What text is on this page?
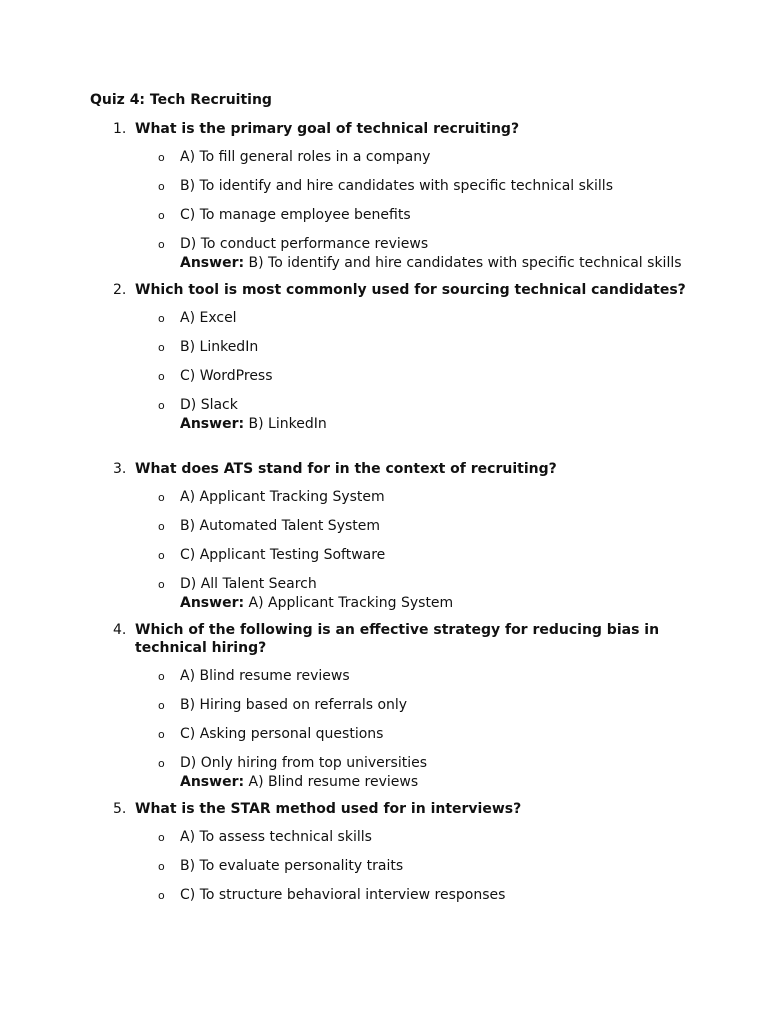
Quiz 4: Tech Recruiting
1. What is the primary goal of technical recruiting?
o A) To fill general roles in a company
o B) To identify and hire candidates with specific technical skills
o C) To manage employee benefits
o D) To conduct performance reviews
Answer: B) To identify and hire candidates with specific technical skills
2. Which tool is most commonly used for sourcing technical candidates?
o A) Excel
o B) LinkedIn
o C) WordPress
o D) Slack
Answer: B) LinkedIn
3. What does ATS stand for in the context of recruiting?
o A) Applicant Tracking System
o B) Automated Talent System
o C) Applicant Testing Software
o D) All Talent Search
Answer: A) Applicant Tracking System
4. Which of the following is an effective strategy for reducing bias in technical hiring?
o A) Blind resume reviews
o B) Hiring based on referrals only
o C) Asking personal questions
o D) Only hiring from top universities
Answer: A) Blind resume reviews
5. What is the STAR method used for in interviews?
o A) To assess technical skills
o B) To evaluate personality traits
o C) To structure behavioral interview responses
